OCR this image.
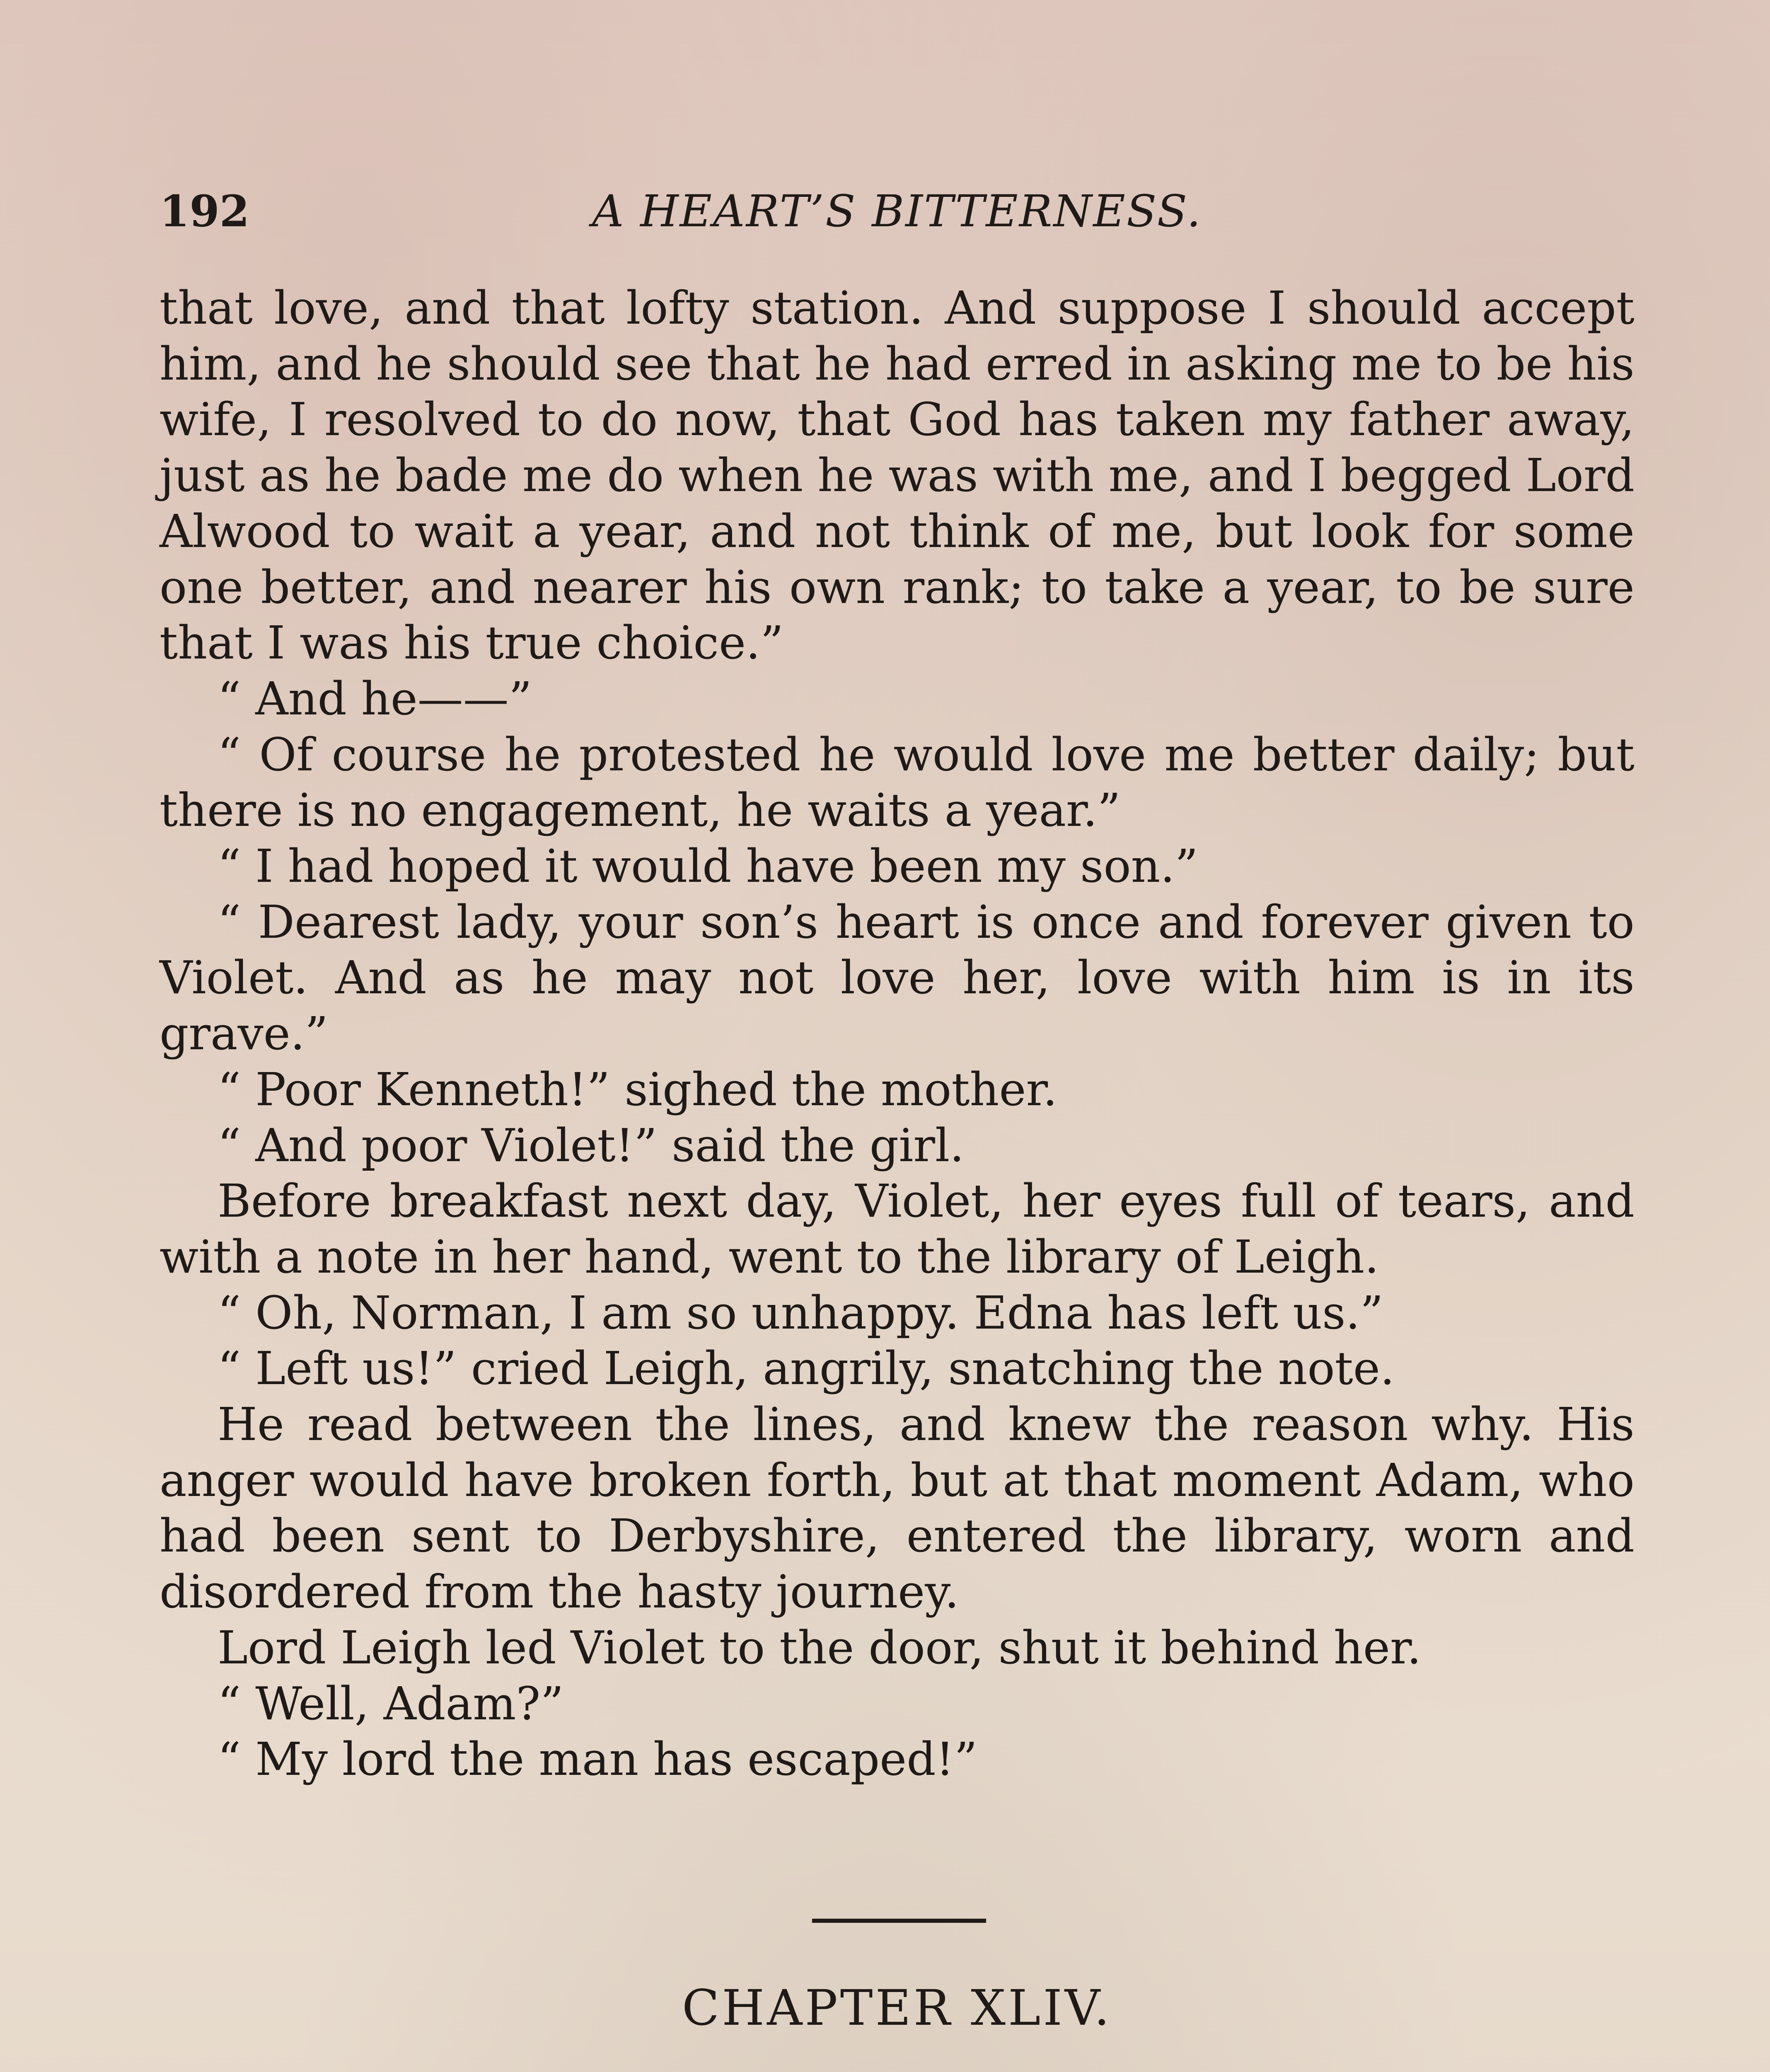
192	A HEART’S BITTERNESS.

that love, and that lofty station. And suppose I should accept him, and he should see that he had erred in asking me to be his wife, I resolved to do now, that God has taken my father away, just as he bade me do when he was with me, and I begged Lord Alwood to wait a year, and not think of me, but look for some one better, and nearer his own rank; to take a year, to be sure that I was his true choice.”

“ And he——”

“ Of course he protested he would love me better daily; but there is no engagement, he waits a year.”

“ I had hoped it would have been my son.”

“ Dearest lady, your son’s heart is once and forever given to Violet. And as he may not love her, love with him is in its grave.”

“ Poor Kenneth!” sighed the mother.

“ And poor Violet!” said the girl.

Before breakfast next day, Violet, her eyes full of tears, and with a note in her hand, went to the library of Leigh.

“ Oh, Norman, I am so unhappy. Edna has left us.”

“ Left us!” cried Leigh, angrily, snatching the note.

He read between the lines, and knew the reason why. His anger would have broken forth, but at that moment Adam, who had been sent to Derbyshire, entered the library, worn and disordered from the hasty journey.

Lord Leigh led Violet to the door, shut it behind her.

“ Well, Adam?”

“ My lord the man has escaped!”

CHAPTER XLIV.
